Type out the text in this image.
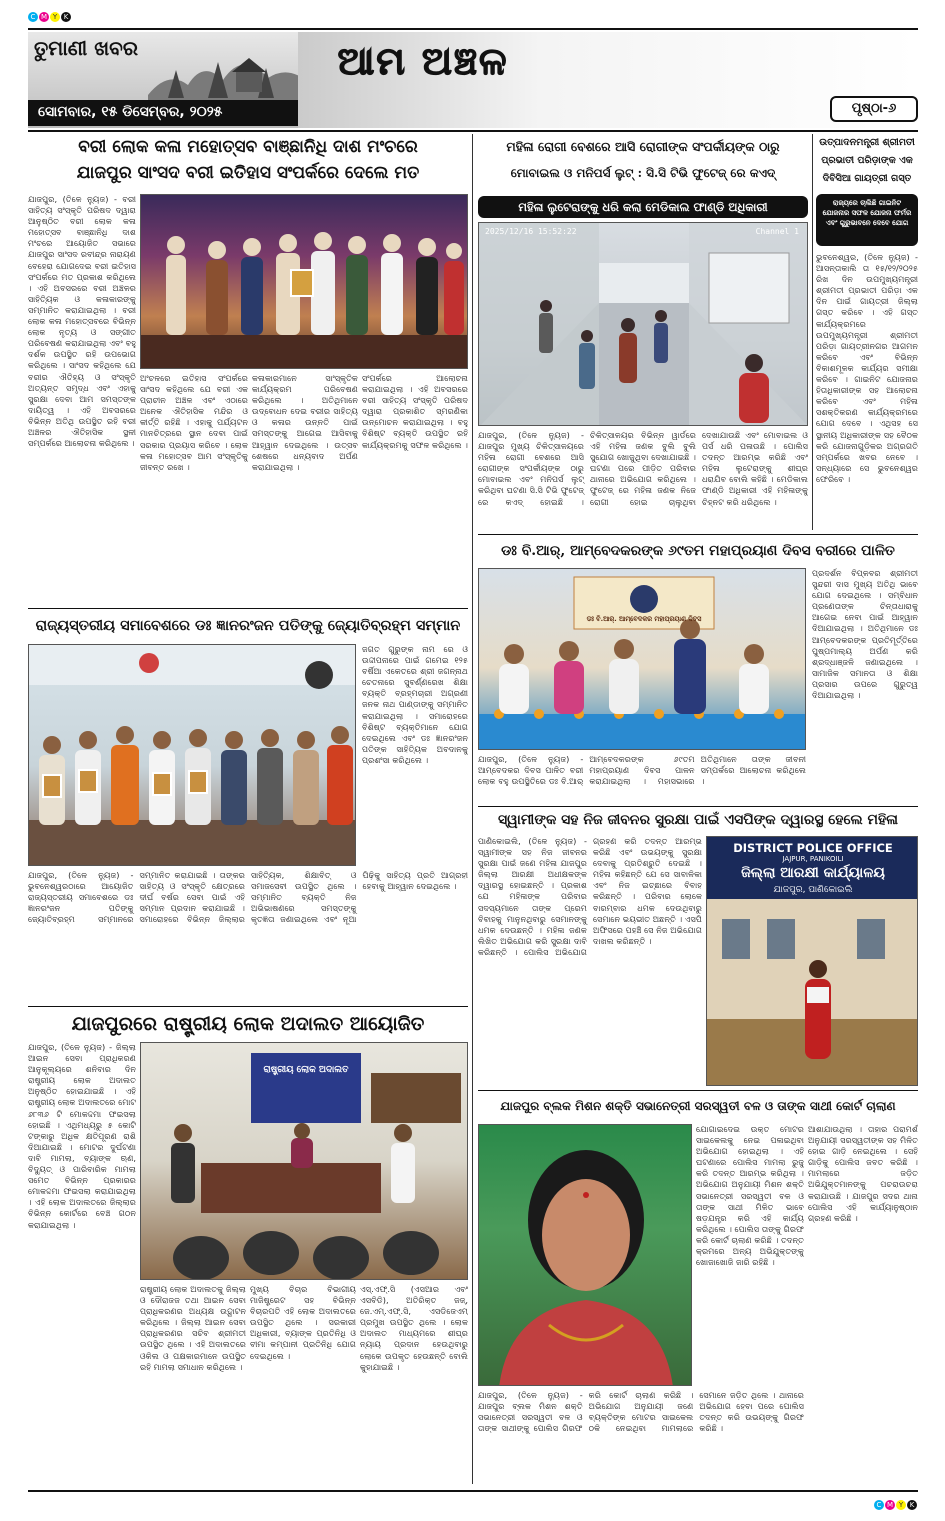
C M Y K
ତୁମାଣୀ ଖବର
ସୋମବାର, ୧୫ ଡିସେମ୍ବର, ୨୦୨୫
ଆମ ଅଞ୍ଚଳ
ପୃଷ୍ଠା-୬
ବରୀ ଲୋକ କଳା ମହୋତ୍ସବ ବାଞ୍ଛାନିଧି ଦାଶ ମଂଚରେ
ଯାଜପୁର ସାଂସଦ ବରୀ ଇତିହାସ ସଂପର୍କରେ ଦେଲେ ମତ
ଯାଜପୁର, (ତିଳେ ନ୍ୟୁଜ) - ବରୀ ସାହିତ୍ୟ ସଂସ୍କୃତି ପରିଷଦ ଦ୍ୱାରା ଆନୁଷ୍ଠିତ ବରୀ ଲୋକ କଳା ମହୋତ୍ସବ ବାଞ୍ଛାନିଧି ଦାଶ ମଂଚରେ ଆୟୋଜିତ ସଭାରେ ଯାଜପୁର ସାଂସଦ ରବୀନ୍ଦ୍ର ନାରାୟଣ ବେହେରା ଯୋଗଦେଇ ବରୀ ଇତିହାସ ସଂପର୍କରେ ମତ ପ୍ରକାଶ କରିଥିଲେ । ଏହି ଅବସରରେ ବରୀ ଅଞ୍ଚଳର ସାହିତ୍ୟିକ ଓ କଳାକାରଙ୍କୁ ସମ୍ମାନିତ କରାଯାଇଥିଲା । ବରୀ ଲୋକ କଳା ମହୋତ୍ସବରେ ବିଭିନ୍ନ ଲୋକ ନୃତ୍ୟ ଓ ସଙ୍ଗୀତ ପରିବେଷଣ କରାଯାଇଥିଲା ଏବଂ ବହୁ ଦର୍ଶକ ଉପସ୍ଥିତ ରହି ଉପଭୋଗ କରିଥିଲେ । ସାଂସଦ କହିଥିଲେ ଯେ ବରୀର ଐତିହ୍ୟ ଓ ସଂସ୍କୃତି ଅତ୍ୟନ୍ତ ସମୃଦ୍ଧ ଏବଂ ଏହାକୁ ସୁରକ୍ଷା ଦେବା ଆମ ସମସ୍ତଙ୍କ ଦାୟିତ୍ୱ । ଏହି ଅବସରରେ ବିଭିନ୍ନ ଅତିଥି ଉପସ୍ଥିତ ରହି ବରୀ ଅଞ୍ଚଳର ଐତିହାସିକ ସ୍ଥଳୀ ସମ୍ପର୍କରେ ଆଲୋଚନା କରିଥିଲେ ।
ଅଂଚଳରେ ଇତିହାସ ସଂପର୍କରେ ସାଂସଦ କହିଥିଲେ ଯେ ବରୀ ଏକ ପ୍ରାଚୀନ ଅଞ୍ଚଳ ଏବଂ ଏଠାରେ ଅନେକ ଐତିହାସିକ ମନ୍ଦିର ଓ କୀର୍ତ୍ତି ରହିଛି । ଏହାକୁ ପର୍ଯ୍ୟଟନ ମାନଚିତ୍ରରେ ସ୍ଥାନ ଦେବା ପାଇଁ ସରକାର ପ୍ରୟାସ କରିବେ । ଲୋକ କଳା ମହୋତ୍ସବ ଆମ ସଂସ୍କୃତିକୁ ଜୀବନ୍ତ ରଖେ ।
କଳାକାରମାନେ ସାଂସ୍କୃତିକ କାର୍ଯ୍ୟକ୍ରମ ପରିବେଷଣ କରିଥିଲେ । ଅତିଥିମାନେ ଉଦ୍ବୋଧନ ଦେଇ ବରୀର ସାହିତ୍ୟ ଓ କଳାର ଉନ୍ନତି ପାଇଁ ସମସ୍ତଙ୍କୁ ଆଗେଇ ଆସିବାକୁ ଆହ୍ୱାନ ଦେଇଥିଲେ । ଉତ୍ସବ ଶେଷରେ ଧନ୍ୟବାଦ ଅର୍ପଣ କରାଯାଇଥିଲା ।
ସଂପର୍କରେ ଆଲୋଚନା କରାଯାଇଥିଲା । ଏହି ଅବସରରେ ବରୀ ସାହିତ୍ୟ ସଂସ୍କୃତି ପରିଷଦ ଦ୍ୱାରା ପ୍ରକାଶିତ ସ୍ମରଣିକା ଉନ୍ମୋଚନ କରାଯାଇଥିଲା । ବହୁ ବିଶିଷ୍ଟ ବ୍ୟକ୍ତି ଉପସ୍ଥିତ ରହି କାର୍ଯ୍ୟକ୍ରମକୁ ସଫଳ କରିଥିଲେ ।
ରାଜ୍ୟସ୍ତରୀୟ ସମାବେଶରେ ଡଃ ଜ୍ଞାନରଂଜନ ପତିଙ୍କୁ ଜ୍ୟୋତିବ୍ରହ୍ମ ସମ୍ମାନ
ଜଗତ ଗୁରୁଙ୍କ ନାମ ରେ ଓ ଉଦ୍ଦୀପନାରେ ପାଇଁ ଗମେଇ ୧୨୫ ବର୍ଷିଆ ଏକେତରେ ଶ୍ରୀ ଜଗନ୍ନାଥ ଚେତନାରେ ସୁବର୍ଣ୍ଣରେଖ ଶିକ୍ଷା ବ୍ୟକ୍ତି ବ୍ରହ୍ମଚାରୀ ଅଗ୍ରଣୀ ଜନକ ନାଥ ପାଣ୍ଡାଙ୍କୁ ସମ୍ମାନିତ କରାଯାଇଥିଲା । ସମାରୋହରେ ବିଶିଷ୍ଟ ବ୍ୟକ୍ତିମାନେ ଯୋଗ ଦେଇଥିଲେ ଏବଂ ଡଃ ଜ୍ଞାନରଂଜନ ପତିଙ୍କ ସାହିତ୍ୟିକ ଅବଦାନକୁ ପ୍ରଶଂସା କରିଥିଲେ ।
ଯାଜପୁର, (ତିଳେ ନ୍ୟୁଜ) - ଭୁବନେଶ୍ୱରଠାରେ ଆୟୋଜିତ ରାଜ୍ୟସ୍ତରୀୟ ସମାବେଶରେ ଡଃ ଜ୍ଞାନରଂଜନ ପତିଙ୍କୁ ଜ୍ୟୋତିବ୍ରହ୍ମ ସମ୍ମାନରେ ସମ୍ମାନିତ କରାଯାଇଛି । ତାଙ୍କର ସାହିତ୍ୟ ଓ ସଂସ୍କୃତି କ୍ଷେତ୍ରରେ ଦୀର୍ଘ ବର୍ଷର ସେବା ପାଇଁ ଏହି ସମ୍ମାନ ପ୍ରଦାନ କରାଯାଇଛି । ସମାରୋହରେ ବିଭିନ୍ନ ଜିଲ୍ଲାର ସାହିତ୍ୟିକ, ଶିକ୍ଷାବିତ୍ ଓ ସମାଜସେବୀ ଉପସ୍ଥିତ ଥିଲେ । ସମ୍ମାନିତ ବ୍ୟକ୍ତି ନିଜ ଅଭିଭାଷଣରେ ସମସ୍ତଙ୍କୁ କୃତଜ୍ଞତା ଜଣାଇଥିଲେ ଏବଂ ନୂଆ ପିଢ଼ିକୁ ସାହିତ୍ୟ ପ୍ରତି ଆଗ୍ରହୀ ହେବାକୁ ଆହ୍ୱାନ ଦେଇଥିଲେ ।
ଯାଜପୁରରେ ରାଷ୍ଟ୍ରୀୟ ଲୋକ ଅଦାଲତ ଆୟୋଜିତ
ଯାଜପୁର, (ତିଳେ ନ୍ୟୁଜ) - ଜିଲ୍ଲା ଆଇନ ସେବା ପ୍ରାଧିକରଣ ଆନୁକୂଲ୍ୟରେ ଶନିବାର ଦିନ ରାଷ୍ଟ୍ରୀୟ ଲୋକ ଅଦାଲତ ଅନୁଷ୍ଠିତ ହୋଇଯାଇଛି । ଏହି ରାଷ୍ଟ୍ରୀୟ ଲୋକ ଅଦାଲତରେ ମୋଟ ୬୮୩୬ ଟି ମୋକଦ୍ଦମା ଫଇସଲା ହୋଇଛି । ଏଥିମଧ୍ୟରୁ ୫ କୋଟି ଟଙ୍କାରୁ ଅଧିକ କ୍ଷତିପୂରଣ ରାଶି ଦିଆଯାଇଛି । ମୋଟର ଦୁର୍ଘଟଣା ଦାବି ମାମଲା, ବ୍ୟାଙ୍କ ଋଣ, ବିଦ୍ୟୁତ୍ ଓ ପାରିବାରିକ ମାମଲା ସମେତ ବିଭିନ୍ନ ପ୍ରକାରର ମୋକଦ୍ଦମା ଫଇସଲା କରାଯାଇଥିଲା । ଏହି ଲୋକ ଅଦାଲତରେ ଜିଲ୍ଲାର ବିଭିନ୍ନ କୋର୍ଟରେ ବେଞ୍ଚ ଗଠନ କରାଯାଇଥିଲା ।
ରାଷ୍ଟ୍ରୀୟ ଲୋକ ଅଦାଲତ
ରାଷ୍ଟ୍ରୀୟ ଲୋକ ଅଦାଲତକୁ ଜିଲ୍ଲା ଓ ଦୌରାଜଜ ତଥା ଆଇନ ସେବା ପ୍ରାଧିକରଣର ଅଧ୍ୟକ୍ଷ ଉଦ୍ଘାଟନ କରିଥିଲେ । ଜିଲ୍ଲା ଆଇନ ସେବା ପ୍ରାଧିକରଣର ସଚିବ ଶ୍ରୀମତୀ ଉପସ୍ଥିତ ଥିଲେ । ଏହି ଅଦାଲତରେ ଓକିଲ ଓ ପକ୍ଷକାରମାନେ ଉପସ୍ଥିତ ରହି ମାମଲା ସମାଧାନ କରିଥିଲେ ।
ମୁଖ୍ୟ ବିଚାର ବିଭାଗୀୟ ମାଜିଷ୍ଟ୍ରେଟ ସହ ବିଭିନ୍ନ ବିଚାରପତି ଏହି ଲୋକ ଅଦାଲତରେ ଉପସ୍ଥିତ ଥିଲେ । ସରକାରୀ ଅଧିକାରୀ, ବ୍ୟାଙ୍କ ପ୍ରତିନିଧି ଓ ବୀମା କମ୍ପାନୀ ପ୍ରତିନିଧି ଯୋଗ ଦେଇଥିଲେ ।
ଏସ୍.ଏଫ୍.ସି (ଏସଆର ଏବଂ ଏସବିଡି), ଅତିରିକ୍ତ ଜଜ୍, ଜେ.ଏମ୍.ଏଫ୍.ସି, ଏସଡିଜେଏମ୍ ପ୍ରମୁଖ ଉପସ୍ଥିତ ଥିଲେ । ଲୋକ ଅଦାଲତ ମାଧ୍ୟମରେ ଶୀଘ୍ର ନ୍ୟାୟ ପ୍ରଦାନ ହେଉଥିବାରୁ ଲୋକେ ଉପକୃତ ହେଉଛନ୍ତି ବୋଲି କୁହାଯାଇଛି ।
ମହିଳା ରୋଗୀ ବେଶରେ ଆସି ରୋଗୀଙ୍କ ସଂପର୍କୀୟଙ୍କ ଠାରୁ
ମୋବାଇଲ ଓ ମନିପର୍ସ ଲୁଟ୍ : ସି.ସି ଟିଭି ଫୁଟେଜ୍ ରେ କଏଦ୍
ମହିଳା ଲୁଟେରାଙ୍କୁ ଧରି କଲା ମେଡିକାଲ ଫାଣ୍ଡି ଅଧିକାରୀ
2025/12/16 15:52:22	Channel 1
ଯାଜପୁର, (ତିଳେ ନ୍ୟୁଜ) - ଯାଜପୁର ମୁଖ୍ୟ ଚିକିତ୍ସାଳୟରେ ମହିଳା ରୋଗୀ ବେଶରେ ଆସି ରୋଗୀଙ୍କ ସଂପର୍କୀୟଙ୍କ ଠାରୁ ମୋବାଇଲ ଏବଂ ମନିପର୍ସ ଲୁଟ୍ କରିଥିବା ଘଟଣା ସି.ସି ଟିଭି ଫୁଟେଜ୍ ରେ କଏଦ୍ ହୋଇଛି । ଚିକିତ୍ସାଳୟର ବିଭିନ୍ନ ୱାର୍ଡରେ ଏହି ମହିଳା ଜଣକ ବୁଲି ବୁଲି ସୁଯୋଗ ଖୋଜୁଥିବା ଦେଖାଯାଇଛି । ଘଟଣା ପରେ ପୀଡ଼ିତ ପରିବାର ଥାନାରେ ଅଭିଯୋଗ କରିଥିଲେ । ଫୁଟେଜ୍ ରେ ମହିଳା ଜଣକ ନିଜେ ରୋଗୀ ହୋଇ ଚାଲୁଥିବା ଦେଖାଯାଉଛି ଏବଂ ମୋବାଇଲ ଓ ପର୍ସ ଧରି ପଳାଉଛି । ପୋଲିସ ତଦନ୍ତ ଆରମ୍ଭ କରିଛି ଏବଂ ମହିଳା ଲୁଟେରାଙ୍କୁ ଶୀଘ୍ର ଧରାଯିବ ବୋଲି କହିଛି । ମେଡିକାଲ ଫାଣ୍ଡି ଅଧିକାରୀ ଏହି ମହିଳାଙ୍କୁ ଚିହ୍ନଟ କରି ଧରିଥିଲେ ।
ଉତ୍ପାଦନମନ୍ତ୍ରୀ ଶ୍ରୀମତୀ
ପ୍ରଭାତୀ ପରିଡ଼ାଙ୍କ ଏକ
ଦିବିସିଆ ଗାୟତ୍ରୀ ଗସ୍ତ
ରାଜ୍ୟରେ ଚାଲିଛି ଗାଇନିଟ ଯୋଜନାର ସଫଳ ଯୋଜନା ଫର୍ମର ଏବଂ ଗୁରୁଭାବନେ ଦେବେ ଯୋଗ
ଭୁବନେଶ୍ୱର, (ତିଳେ ନ୍ୟୁଜ) - ଆସନ୍ତାକାଲି ତା ୧୫/୧୨/୨୦୨୫ ରିଖ ଦିନ ଉପମୁଖ୍ୟମନ୍ତ୍ରୀ ଶ୍ରୀମତୀ ପ୍ରଭାତୀ ପରିଡ଼ା ଏକ ଦିନ ପାଇଁ ଗାୟତ୍ରୀ ଜିଲ୍ଲା ଗସ୍ତ କରିବେ । ଏହି ଗସ୍ତ କାର୍ଯ୍ୟକ୍ରମରେ ଉପମୁଖ୍ୟମନ୍ତ୍ରୀ ଶ୍ରୀମତୀ ପରିଡ଼ା ଗାୟତ୍ରୀନଗର ଆଗମନ କରିବେ ଏବଂ ବିଭିନ୍ନ ବିକାଶମୂଳକ କାର୍ଯ୍ୟର ସମୀକ୍ଷା କରିବେ । ଗାଇନିଟ ଯୋଜନାର ହିତାଧିକାରୀଙ୍କ ସହ ଆଲୋଚନା କରିବେ ଏବଂ ମହିଳା ସଶକ୍ତିକରଣ କାର୍ଯ୍ୟକ୍ରମରେ ଯୋଗ ଦେବେ । ଏଥିସହ ସେ ସ୍ଥାନୀୟ ଅଧିକାରୀଙ୍କ ସହ ବୈଠକ କରି ଯୋଜନାଗୁଡ଼ିକର ଅଗ୍ରଗତି ସମ୍ପର୍କରେ ଖବର ନେବେ । ସନ୍ଧ୍ୟାରେ ସେ ଭୁବନେଶ୍ୱର ଫେରିବେ ।
ଡଃ ବି.ଆର୍, ଆମ୍ବେଦକରଙ୍କ ୬୯ତମ ମହାପ୍ରୟାଣ ଦିବସ ବରୀରେ ପାଳିତ
ଡଃ ବି.ଆର୍. ଆମ୍ବେଦକର ମହାପ୍ରୟାଣ ଦିବସ
ପ୍ରଦର୍ଶନ ବିପ୍ଳବର ଶ୍ରୀମତୀ ସୁନ୍ଦରୀ ଦାସ ମୁଖ୍ୟ ଅତିଥି ଭାବେ ଯୋଗ ଦେଇଥିଲେ । ସମ୍ବିଧାନ ପ୍ରଣେତାଙ୍କ ଚିନ୍ତାଧାରାକୁ ଆଗେଇ ନେବା ପାଇଁ ଆହ୍ୱାନ ଦିଆଯାଇଥିଲା । ଅତିଥିମାନେ ଡଃ ଆମ୍ବେଦକରଙ୍କ ପ୍ରତିମୂର୍ତ୍ତିରେ ପୁଷ୍ପମାଲ୍ୟ ଅର୍ପଣ କରି ଶ୍ରଦ୍ଧାଞ୍ଜଳି ଜଣାଇଥିଲେ । ସାମାଜିକ ସମାନତା ଓ ଶିକ୍ଷା ପ୍ରସାର ଉପରେ ଗୁରୁତ୍ୱ ଦିଆଯାଇଥିଲା ।
ଯାଜପୁର, (ତିଳେ ନ୍ୟୁଜ) - ଆମ୍ବେଦକର ଦିବସ ପାଳିତ ବରୀ ଲୋକ ବହୁ ଉପସ୍ଥିତିରେ ଡଃ ବି.ଆର୍ ଆମ୍ବେଦକରଙ୍କ ୬୯ତମ ମହାପ୍ରୟାଣ ଦିବସ ପାଳନ କରାଯାଇଥିଲା । ମହାସଭାରେ ଅତିଥିମାନେ ତାଙ୍କ ଜୀବନୀ ସମ୍ପର୍କରେ ଆଲୋଚନା କରିଥିଲେ ।
ସ୍ୱାମୀଙ୍କ ସହ ନିଜ ଜୀବନର ସୁରକ୍ଷା ପାଇଁ ଏସପିଙ୍କ ଦ୍ୱାରସ୍ଥ ହେଲେ ମହିଳା
ପାଣିକୋଇଲି, (ତିଳେ ନ୍ୟୁଜ) - ସ୍ୱାମୀଙ୍କ ସହ ନିଜ ଜୀବନର ସୁରକ୍ଷା ପାଇଁ ଜଣେ ମହିଳା ଯାଜପୁର ଜିଲ୍ଲା ଆରକ୍ଷୀ ଅଧୀକ୍ଷକଙ୍କ ଦ୍ୱାରସ୍ଥ ହୋଇଛନ୍ତି । ପ୍ରକାଶ ଯେ ମହିଳାଙ୍କ ପରିବାର ସଦସ୍ୟମାନେ ତାଙ୍କ ପ୍ରେମ ବିବାହକୁ ମାନୁନଥିବାରୁ ସେମାନଙ୍କୁ ଧମକ ଦେଉଛନ୍ତି । ମହିଳା ଜଣକ ଲିଖିତ ଅଭିଯୋଗ କରି ସୁରକ୍ଷା ଦାବି କରିଛନ୍ତି । ପୋଲିସ ଅଭିଯୋଗ ଗ୍ରହଣ କରି ତଦନ୍ତ ଆରମ୍ଭ କରିଛି ଏବଂ ଉଭୟଙ୍କୁ ସୁରକ୍ଷା ଦେବାକୁ ପ୍ରତିଶ୍ରୁତି ଦେଇଛି । ମହିଳା କହିଛନ୍ତି ଯେ ସେ ସାବାଳିକା ଏବଂ ନିଜ ଇଚ୍ଛାରେ ବିବାହ କରିଛନ୍ତି । ପରିବାର ଲୋକେ ବାରମ୍ବାର ଧମକ ଦେଉଥିବାରୁ ସେମାନେ ଭୟଭୀତ ଅଛନ୍ତି । ଏସପି ଅଫିସରେ ପହଞ୍ଚି ସେ ନିଜ ଅଭିଯୋଗ ଦାଖଲ କରିଛନ୍ତି ।
DISTRICT POLICE OFFICE
JAJPUR, PANIKOILI
ଜିଲ୍ଲା ଆରକ୍ଷୀ କାର୍ଯ୍ୟାଳୟ
ଯାଜପୁର, ପାଣିକୋଇଲି
ଯାଜପୁର ବ୍ଲକ ମିଶନ ଶକ୍ତି ସଭାନେତ୍ରୀ ସରସ୍ୱତୀ ବଳ ଓ ତାଙ୍କ ସାଥୀ କୋର୍ଟ ଚାଲାଣ
ଯୋଗାଇଦେଇ ଉକ୍ତ ମୋଟର ସାଇକେଲକୁ ନେଇ ପଳାଇଥିବା ଅଭିଯୋଗ ହୋଇଥିଲା । ଏହି ଘଟଣାରେ ପୋଲିସ ମାମଲା ରୁଜୁ କରି ତଦନ୍ତ ଆରମ୍ଭ କରିଥିଲା । ଅଭିଯୋଗ ଅନୁଯାୟୀ ମିଶନ ଶକ୍ତି ସଭାନେତ୍ରୀ ସରସ୍ୱତୀ ବଳ ଓ ତାଙ୍କ ସାଥୀ ମିଳିତ ଭାବେ ଷଡ଼ଯନ୍ତ୍ର କରି ଏହି କାର୍ଯ୍ୟ କରିଥିଲେ । ପୋଲିସ ତାଙ୍କୁ ଗିରଫ କରି କୋର୍ଟ ଚାଲାଣ କରିଛି । ତଦନ୍ତ କ୍ରମରେ ଅନ୍ୟ ଅଭିଯୁକ୍ତଙ୍କୁ ଖୋଜାଖୋଜି ଜାରି ରହିଛି ।
ଆଶାଯାଉଥିଲା । ତାହାର ପରାମର୍ଶ ଅନୁଯାୟୀ ସରସ୍ୱତୀଙ୍କ ସହ ମିଳିତ ହୋଇ ଗାଡ଼ି ନେଇଥିଲେ । ସେହି ଗାଡ଼ିକୁ ପୋଲିସ ଜବତ କରିଛି । ମାମଲାରେ ଜଡ଼ିତ ଅଭିଯୁକ୍ତମାନଙ୍କୁ ପଚରାଉଚରା କରାଯାଉଛି । ଯାଜପୁର ସଦର ଥାନା ପୋଲିସ ଏହି କାର୍ଯ୍ୟାନୁଷ୍ଠାନ ଗ୍ରହଣ କରିଛି ।
ଯାଜପୁର, (ତିଳେ ନ୍ୟୁଜ) - ଯାଜପୁର ବ୍ଲକ ମିଶନ ଶକ୍ତି ସଭାନେତ୍ରୀ ସରସ୍ୱତୀ ବଳ ଓ ତାଙ୍କ ସାଥୀଙ୍କୁ ପୋଲିସ ଗିରଫ କରି କୋର୍ଟ ଚାଲାଣ କରିଛି । ଅଭିଯୋଗ ଅନୁଯାୟୀ ଜଣେ ବ୍ୟକ୍ତିଙ୍କ ମୋଟର ସାଇକେଲ ଠକି ନେଇଥିବା ମାମଲାରେ ସେମାନେ ଜଡ଼ିତ ଥିଲେ । ଥାନାରେ ଅଭିଯୋଗ ହେବା ପରେ ପୋଲିସ ତଦନ୍ତ କରି ଉଭୟଙ୍କୁ ଗିରଫ କରିଛି ।
C M Y K
